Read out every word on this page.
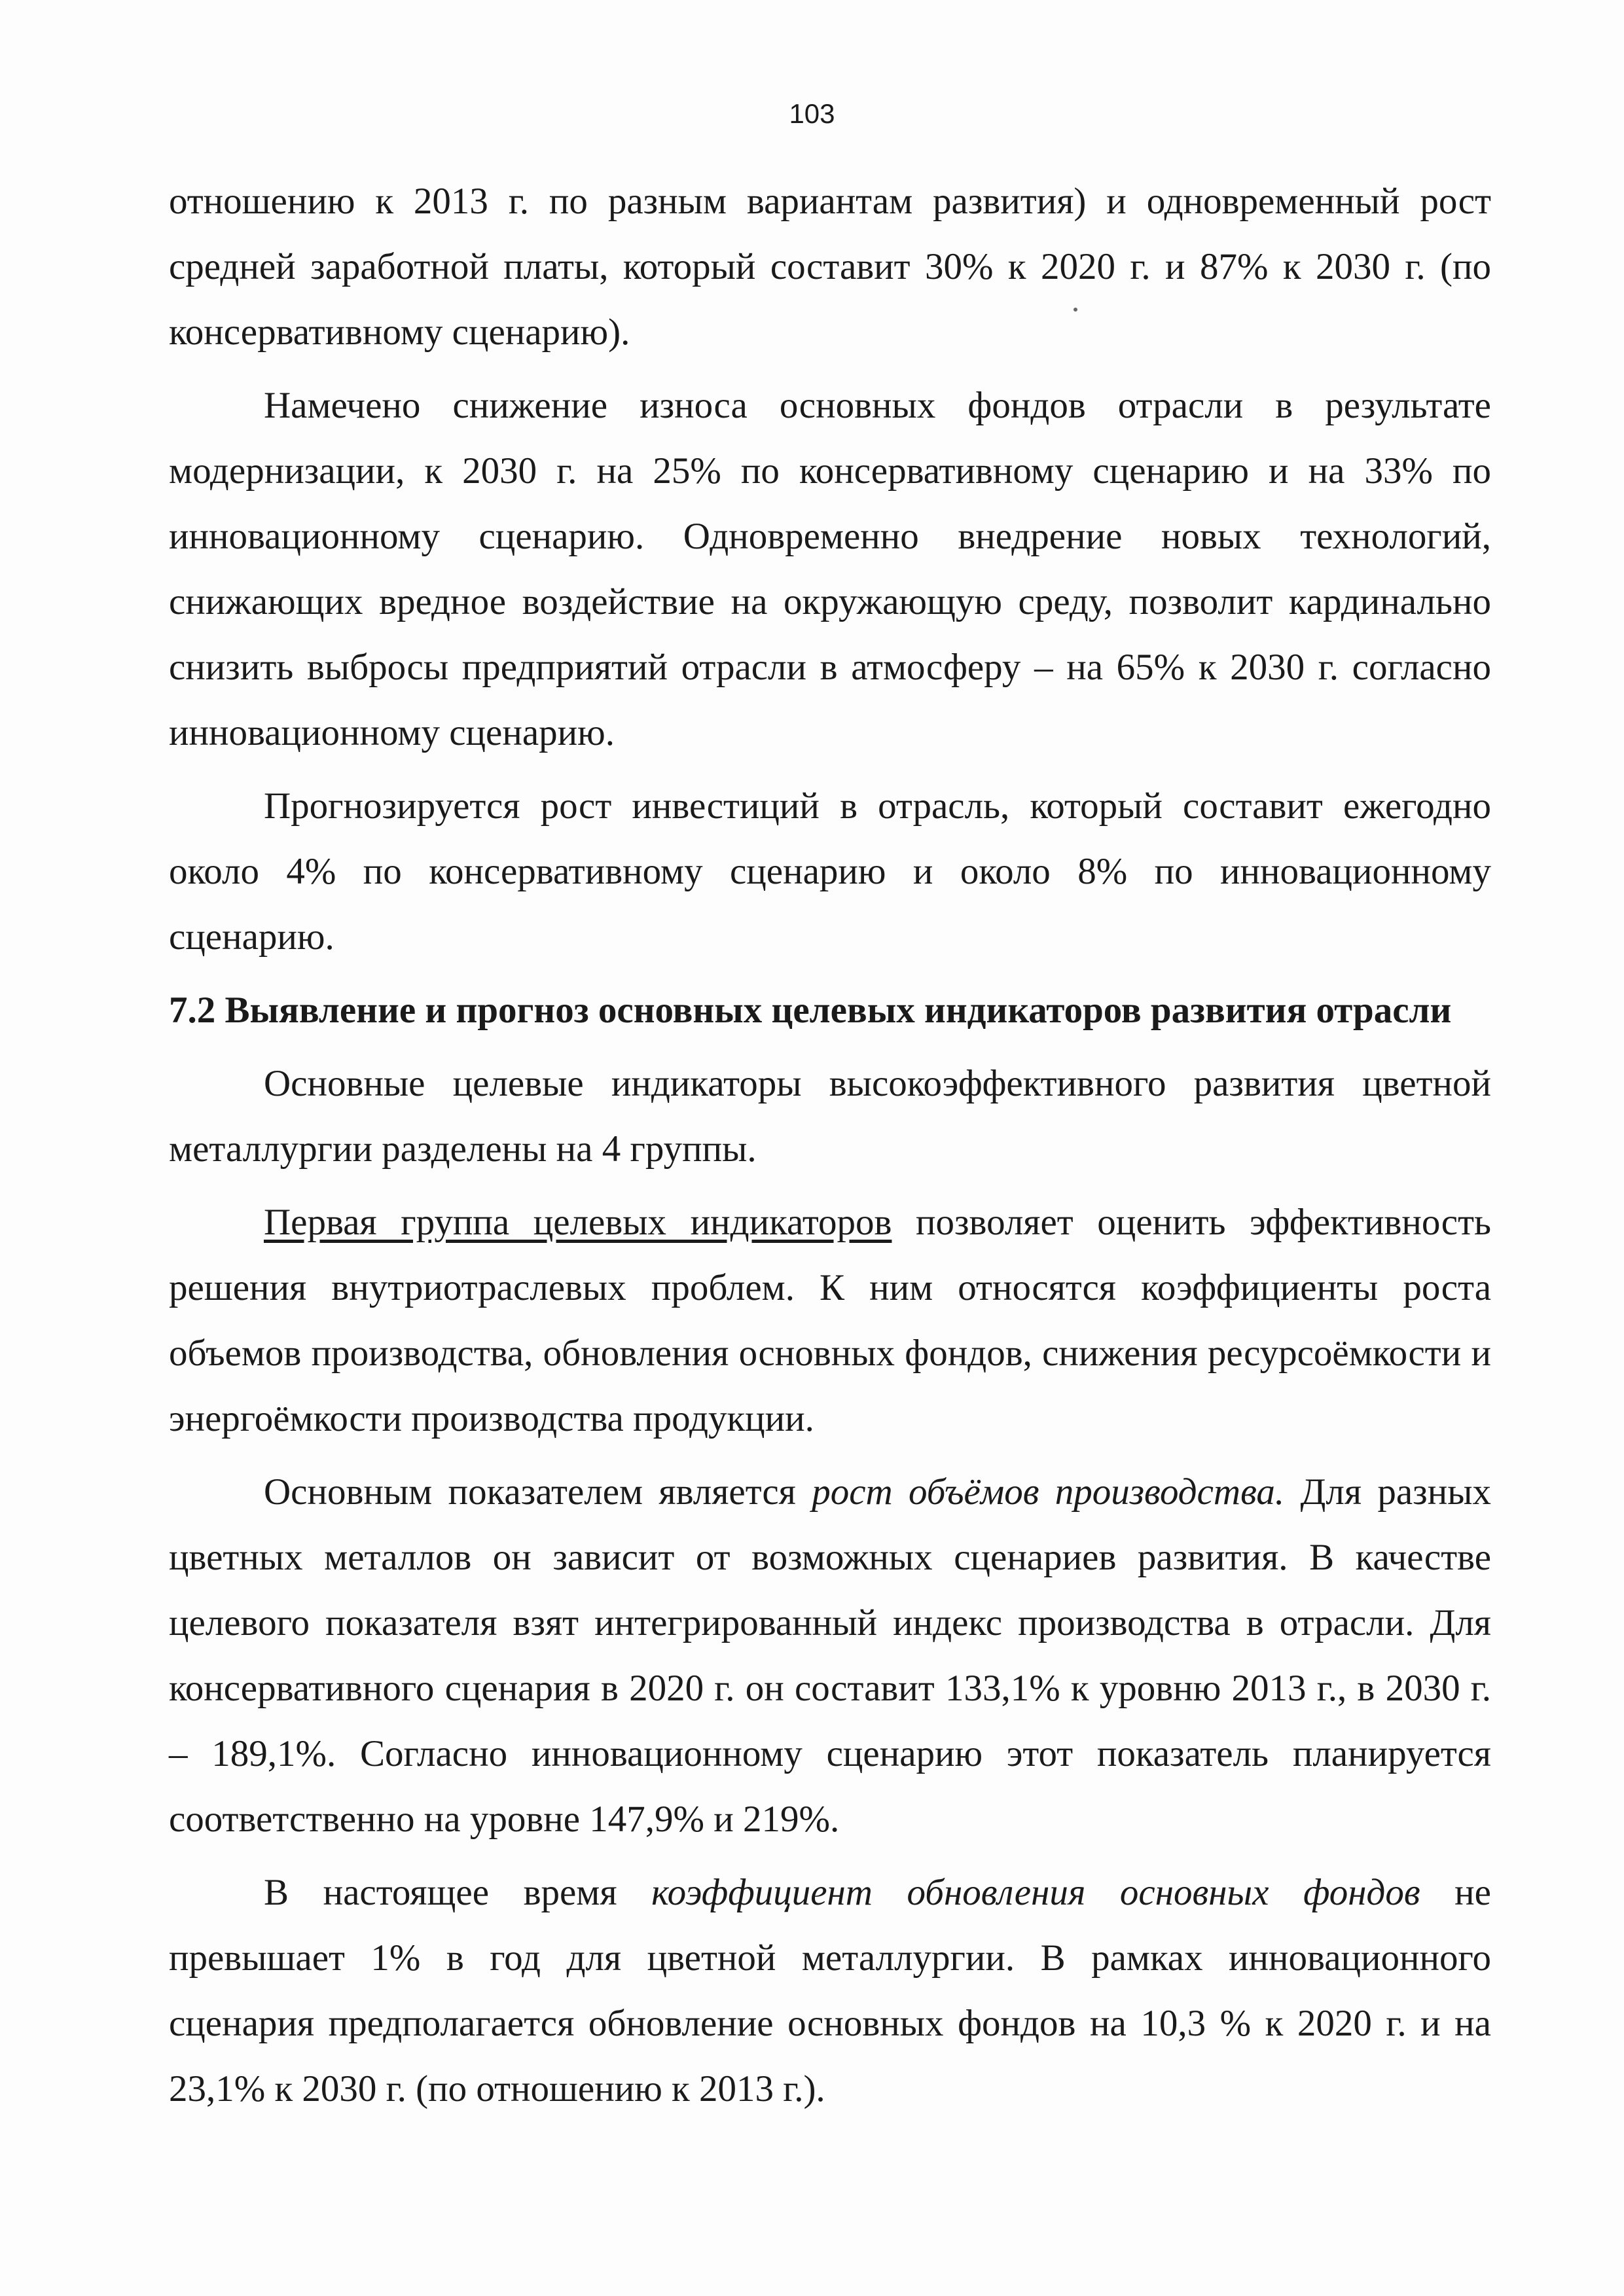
103

отношению к 2013 г. по разным вариантам развития) и одновременный рост средней заработной платы, который составит 30% к 2020 г. и 87% к 2030 г. (по консервативному сценарию).

Намечено снижение износа основных фондов отрасли в результате модернизации, к 2030 г. на 25% по консервативному сценарию и на 33% по инновационному сценарию. Одновременно внедрение новых технологий, снижающих вредное воздействие на окружающую среду, позволит кардинально снизить выбросы предприятий отрасли в атмосферу – на 65% к 2030 г. согласно инновационному сценарию.

Прогнозируется рост инвестиций в отрасль, который составит ежегодно около 4% по консервативному сценарию и около 8% по инновационному сценарию.

7.2 Выявление и прогноз основных целевых индикаторов развития отрасли

Основные целевые индикаторы высокоэффективного развития цветной металлургии разделены на 4 группы.

Первая группа целевых индикаторов позволяет оценить эффективность решения внутриотраслевых проблем. К ним относятся коэффициенты роста объемов производства, обновления основных фондов, снижения ресурсоёмкости и энергоёмкости производства продукции.

Основным показателем является рост объёмов производства. Для разных цветных металлов он зависит от возможных сценариев развития. В качестве целевого показателя взят интегрированный индекс производства в отрасли. Для консервативного сценария в 2020 г. он составит 133,1% к уровню 2013 г., в 2030 г. – 189,1%. Согласно инновационному сценарию этот показатель планируется соответственно на уровне 147,9% и 219%.

В настоящее время коэффициент обновления основных фондов не превышает 1% в год для цветной металлургии. В рамках инновационного сценария предполагается обновление основных фондов на 10,3 % к 2020 г. и на 23,1% к 2030 г. (по отношению к 2013 г.).
